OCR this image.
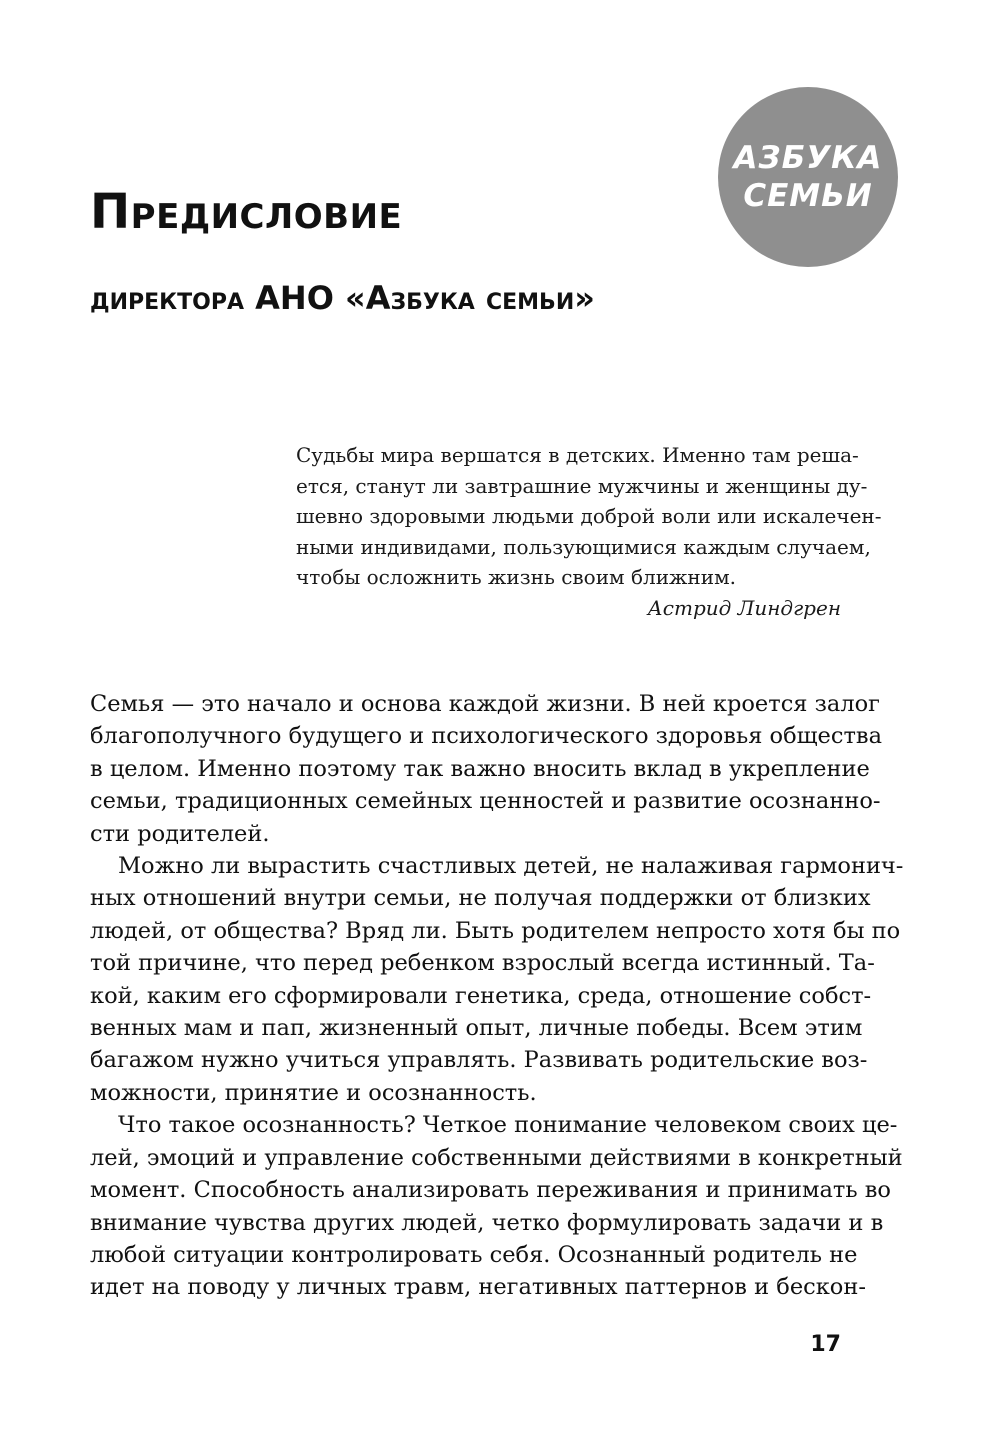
АЗБУКА
СЕМЬИ
Предисловие
директора АНО «Азбука семьи»
Судьбы мира вершатся в детских. Именно там реша-
ется, станут ли завтрашние мужчины и женщины ду-
шевно здоровыми людьми доброй воли или искалечен-
ными индивидами, пользующимися каждым случаем,
чтобы осложнить жизнь своим ближним.
Астрид Линдгрен
Семья — это начало и основа каждой жизни. В ней кроется залог
благополучного будущего и психологического здоровья общества
в целом. Именно поэтому так важно вносить вклад в укрепление
семьи, традиционных семейных ценностей и развитие осознанно-
сти родителей.
Можно ли вырастить счастливых детей, не налаживая гармонич-
ных отношений внутри семьи, не получая поддержки от близких
людей, от общества? Вряд ли. Быть родителем непросто хотя бы по
той причине, что перед ребенком взрослый всегда истинный. Та-
кой, каким его сформировали генетика, среда, отношение собст-
венных мам и пап, жизненный опыт, личные победы. Всем этим
багажом нужно учиться управлять. Развивать родительские воз-
можности, принятие и осознанность.
Что такое осознанность? Четкое понимание человеком своих це-
лей, эмоций и управление собственными действиями в конкретный
момент. Способность анализировать переживания и принимать во
внимание чувства других людей, четко формулировать задачи и в
любой ситуации контролировать себя. Осознанный родитель не
идет на поводу у личных травм, негативных паттернов и бескон-
17
